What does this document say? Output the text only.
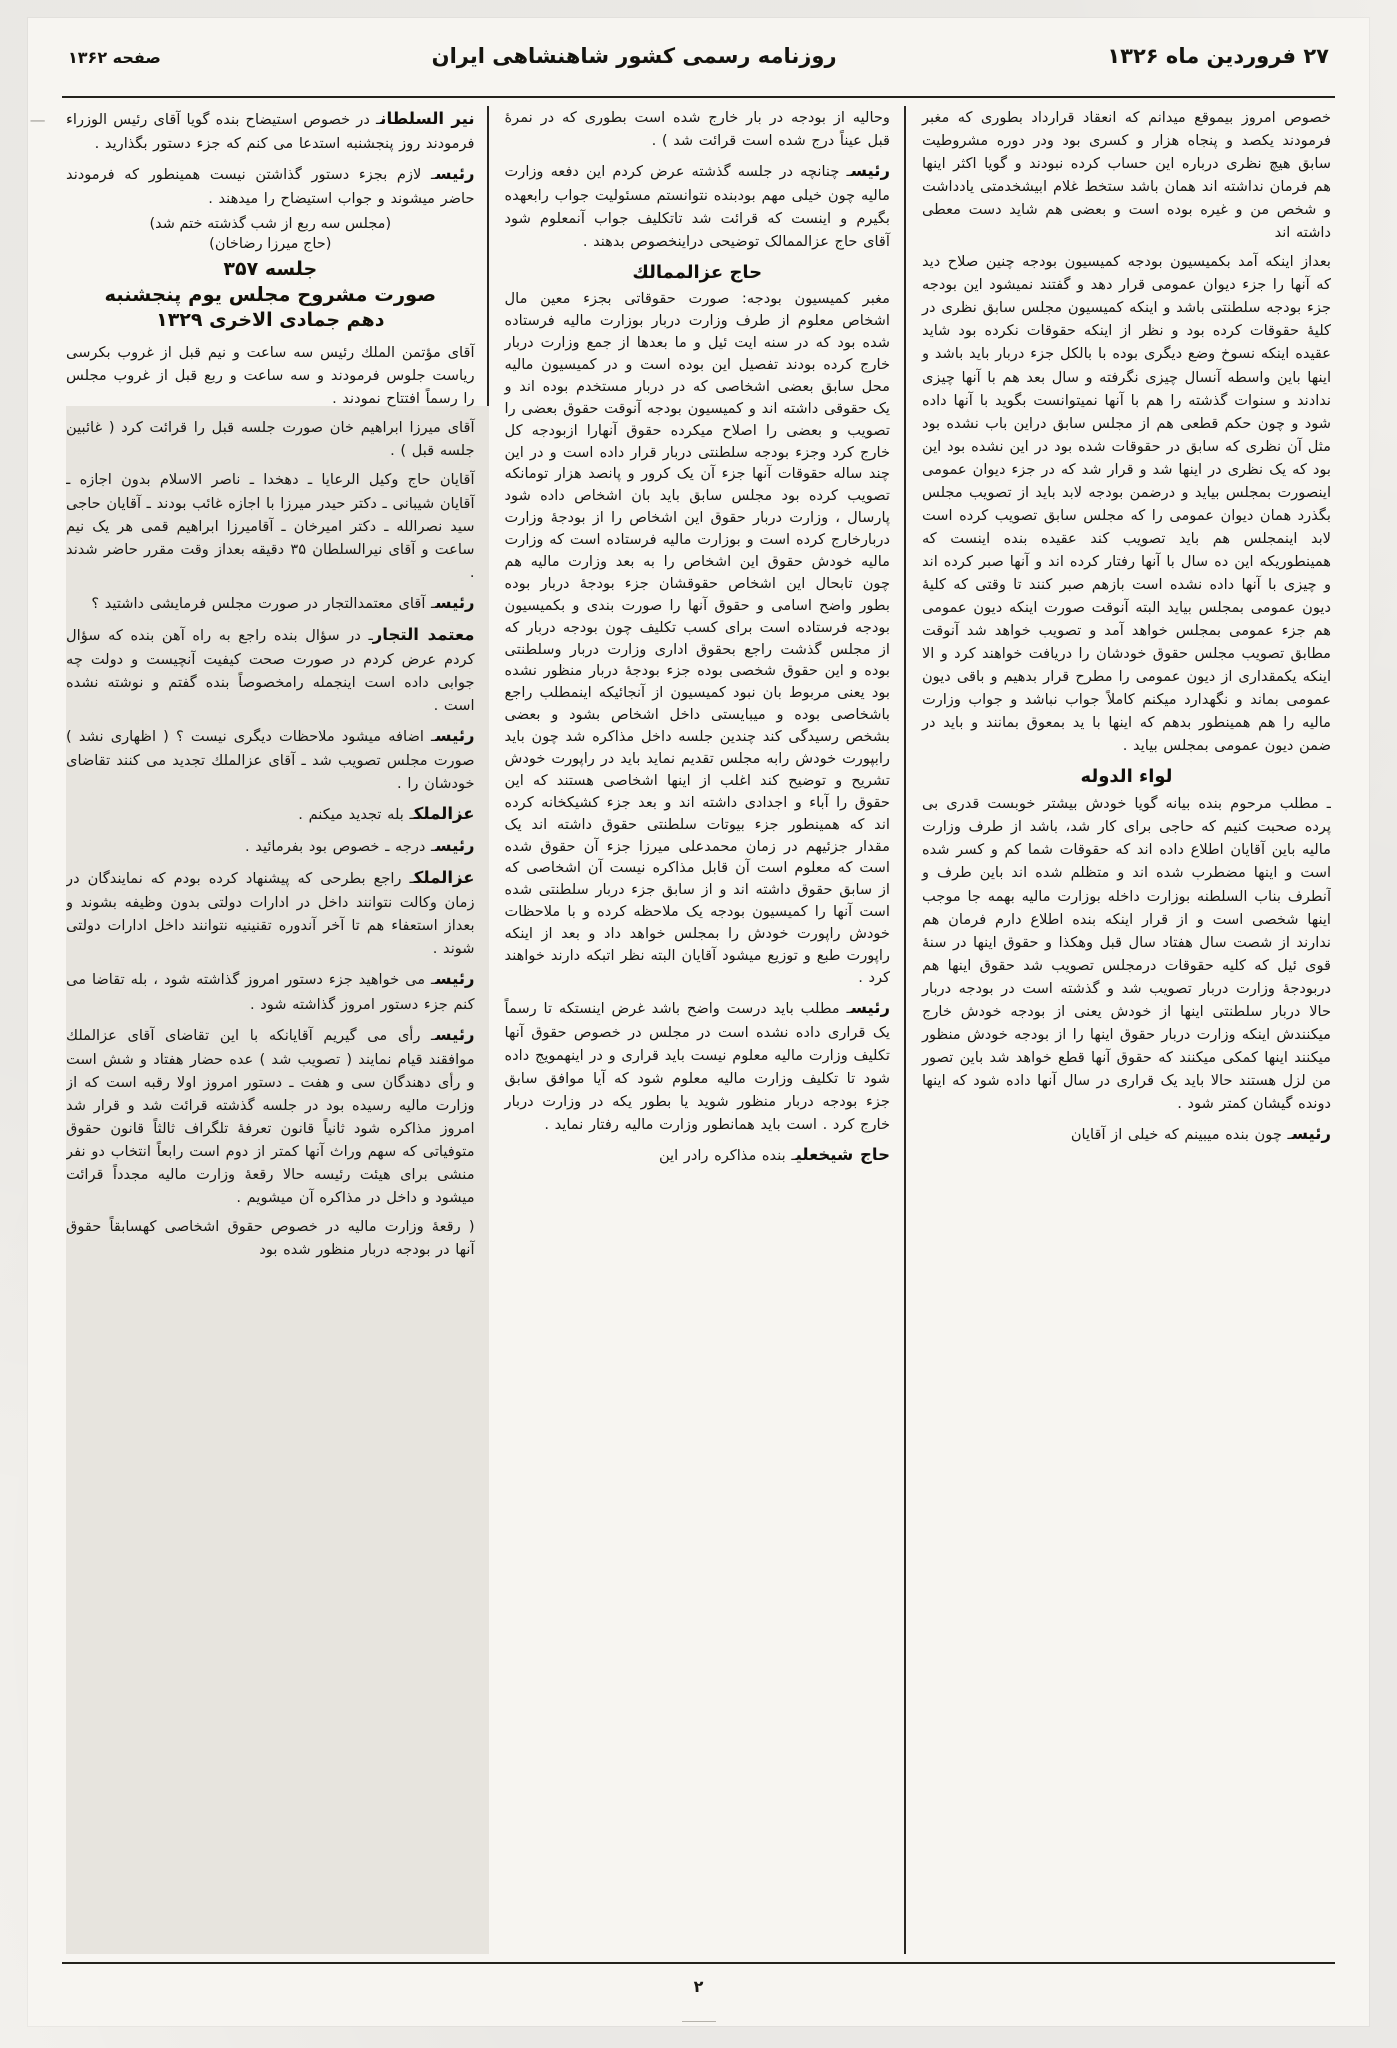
۲۷ فروردین ماه ۱۳۲۶
روزنامه رسمی کشور شاهنشاهی ایران
صفحه ۱۳۶۲
│	خصوص امروز بیموقع میدانم که انعقاد قرارداد بطوری که مغبر فرمودند یکصد و پنجاه هزار و کسری بود ودر دوره مشروطیت سابق هیچ نظری درباره این حساب کرده نبودند و گویا اکثر اینها هم فرمان نداشته اند همان باشد ستخط غلام ابیشخدمتی یادداشت و شخص من و غیره بوده است و بعضی هم شاید دست معطی داشته اند

بعداز اینکه آمد بکمیسیون بودجه کمیسیون بودجه چنین صلاح دید که آنها را جزء دیوان عمومی قرار دهد و گفتند نمیشود این بودجه جزء بودجه سلطنتی باشد و اینکه کمیسیون مجلس سابق نظری در کلیهٔ حقوقات کرده بود و نظر از اینکه حقوقات نکرده بود شاید عقیده اینکه نسوخ وضع دیگری بوده با بالکل جزء دربار باید باشد و اینها باین واسطه آنسال چیزی نگرفته و سال بعد هم با آنها چیزی ندادند و سنوات گذشته را هم با آنها نمیتوانست بگوید با آنها داده شود و چون حکم قطعی هم از مجلس سابق دراین باب نشده بود مثل آن نظری که سابق در حقوقات شده بود در این نشده بود این بود که یک نظری در اینها شد و قرار شد که در جزء دیوان عمومی اینصورت بمجلس بیاید و درضمن بودجه لابد باید از تصویب مجلس بگذرد همان دیوان عمومی را که مجلس سابق تصویب کرده است لابد اینمجلس هم باید تصویب کند عقیده بنده اینست که همینطوریکه این ده سال با آنها رفتار کرده اند و آنها صبر کرده اند و چیزی با آنها داده نشده است بازهم صبر کنند تا وقتی که کلیهٔ دیون عمومی بمجلس بیاید البته آنوقت صورت اینکه دیون عمومی هم جزء عمومی بمجلس خواهد آمد و تصویب خواهد شد آنوقت مطابق تصویب مجلس حقوق خودشان را دریافت خواهند کرد و الا اینکه یکمقداری از دیون عمومی را مطرح قرار بدهیم و باقی دیون عمومی بماند و نگهدارد میکنم کاملاً جواب نباشد و جواب وزارت مالیه را هم همینطور بدهم که اینها با ید بمعوق بمانند و باید در ضمن دیون عمومی بمجلس بیاید .

لواء الدوله

ـ مطلب مرحوم بنده بیانه گویا خودش بیشتر خوبست قدری بی پرده صحبت کنیم که حاجی برای کار شد، باشد از طرف وزارت مالیه باین آقایان اطلاع داده اند که حقوقات شما کم و کسر شده است و اینها مضطرب شده اند و متظلم شده اند باین طرف و آنطرف بناب السلطنه بوزارت داخله بوزارت مالیه بهمه جا موجب اینها شخصی است و از قرار اینکه بنده اطلاع دارم فرمان هم ندارند از شصت سال هفتاد سال قبل وهکذا و حقوق اینها در سنهٔ قوی ئیل که کلیه حقوقات درمجلس تصویب شد حقوق اینها هم دربودجهٔ وزارت دربار تصویب شد و گذشته است در بودجه دربار حالا دربار سلطنتی اینها از خودش یعنی از بودجه خودش خارج میکنندش اینکه وزارت دربار حقوق اینها را از بودجه خودش منظور میکنند اینها کمکی میکنند که حقوق آنها قطع خواهد شد باین تصور من لزل هستند حالا باید یک قراری در سال آنها داده شود که اینها دونده گیشان کمتر شود .

رئیسـ چون بنده میبینم که خیلی از آقایان

وحالیه از بودجه در بار خارج شده است بطوری که در نمرهٔ قبل عیناً درج شده است قرائت شد ) .

رئیسـ چنانچه در جلسه گذشته عرض کردم این دفعه وزارت مالیه چون خیلی مهم بودبنده نتوانستم مسئولیت جواب رابعهده بگیرم و اینست که قرائت شد تاتکلیف جواب آنمعلوم شود آقای حاج عزالممالک توضیحی دراینخصوص بدهند .

حاج عزالممالك

مغبر کمیسیون بودجه: صورت حقوقاتی بجزء معین مال اشخاص معلوم از طرف وزارت دربار بوزارت مالیه فرستاده شده بود که در سنه ایت ئیل و ما بعدها از جمع وزارت دربار خارج کرده بودند تفصیل این بوده است و در کمیسیون مالیه محل سابق بعضی اشخاصی که در دربار مستخدم بوده اند و یک حقوقی داشته اند و کمیسیون بودجه آنوقت حقوق بعضی را تصویب و بعضی را اصلاح میکرده حقوق آنهارا ازبودجه کل خارج کرد وجزء بودجه سلطنتی دربار قرار داده است و در این چند ساله حقوقات آنها جزء آن یک کرور و پانصد هزار تومانکه تصویب کرده بود مجلس سابق باید بان اشخاص داده شود پارسال ، وزارت دربار حقوق این اشخاص را از بودجهٔ وزارت دربارخارج کرده است و بوزارت مالیه فرستاده است که وزارت مالیه خودش حقوق این اشخاص را به بعد وزارت مالیه هم چون تابحال این اشخاص حقوقشان جزء بودجهٔ دربار بوده بطور واضح اسامی و حقوق آنها را صورت بندی و بکمیسیون بودجه فرستاده است برای کسب تکلیف چون بودجه دربار که از مجلس گذشت راجع بحقوق اداری وزارت دربار وسلطنتی بوده و این حقوق شخصی بوده جزء بودجهٔ دربار منظور نشده بود یعنی مربوط بان نبود کمیسیون از آنجائیکه اینمطلب راجع باشخاصی بوده و میبایستی داخل اشخاص بشود و بعضی بشخص رسیدگی کند چندین جلسه داخل مذاکره شد چون باید رابپورت خودش رابه مجلس تقدیم نماید باید در راپورت خودش تشریح و توضیح کند اغلب از اینها اشخاصی هستند که این حقوق را آباء و اجدادی داشته اند و بعد جزء کشیکخانه کرده اند که همینطور جزء بیوتات سلطنتی حقوق داشته اند یک مقدار جزئیهم در زمان محمدعلی میرزا جزء آن حقوق شده است که معلوم است آن قابل مذاکره نیست آن اشخاصی که از سابق حقوق داشته اند و از سابق جزء دربار سلطنتی شده است آنها را کمیسیون بودجه یک ملاحظه کرده و با ملاحظات خودش راپورت خودش را بمجلس خواهد داد و بعد از اینکه راپورت طبع و توزیع میشود آقایان البته نظر اتبکه دارند خواهند کرد .

رئیسـ مطلب باید درست واضح باشد غرض اینستکه تا رسماً یک قراری داده نشده است در مجلس در خصوص حقوق آنها تکلیف وزارت مالیه معلوم نیست باید قراری و در اینهمویج داده شود تا تکلیف وزارت مالیه معلوم شود که آیا موافق سابق جزء بودجه دربار منظور شوید یا بطور یکه در وزارت دربار خارج کرد . است باید همانطور وزارت مالیه رفتار نماید .

حاج شیخعلیـ بنده مذاکره رادر این

نیر السلطانـ در خصوص استیضاح بنده گویا آقای رئیس الوزراء فرمودند روز پنجشنبه استدعا می کنم که جزء دستور بگذارید .

رئیسـ لازم بجزء دستور گذاشتن نیست همینطور که فرمودند حاضر میشوند و جواب استیضاح را میدهند .

(مجلس سه ربع از شب گذشته ختم شد)
(حاج میرزا رضاخان)
جلسه ۳۵۷
صورت مشروح مجلس یوم پنجشنبه
دهم جمادی الاخری ۱۳۲۹

آقای مؤتمن الملك رئیس سه ساعت و نیم قبل از غروب بکرسی ریاست جلوس فرمودند و سه ساعت و ربع قبل از غروب مجلس را رسماً افتتاح نمودند .

آقای میرزا ابراهیم خان صورت جلسه قبل را قرائت کرد ( غائبین جلسه قبل ) .

آقایان حاج وکیل الرعایا ـ دهخدا ـ ناصر الاسلام بدون اجازه ـ آقایان شیبانی ـ دکتر حیدر میرزا با اجازه غائب بودند ـ آقایان حاجی سید نصرالله ـ دکتر امیرخان ـ آقامیرزا ابراهیم قمی هر یک نیم ساعت و آقای نیرالسلطان ۳۵ دقیقه بعداز وقت مقرر حاضر شدند .

رئیسـ آقای معتمدالتجار در صورت مجلس فرمایشی داشتید ؟

معتمد التجارـ در سؤال بنده راجع به راه آهن بنده که سؤال کردم عرض کردم در صورت صحت کیفیت آنچیست و دولت چه جوابی داده است اینجمله رامخصوصاً بنده گفتم و نوشته نشده است .

رئیسـ اضافه میشود ملاحظات دیگری نیست ؟ ( اظهاری نشد ) صورت مجلس تصویب شد ـ آقای عزالملك تجدید می کنند تقاضای خودشان را .

عزالملكـ بله تجدید میکنم .

رئیسـ درجه ـ خصوص بود بفرمائید .

عزالملكـ راجع بطرحی که پیشنهاد کرده بودم که نمایندگان در زمان وکالت نتوانند داخل در ادارات دولتی بدون وظیفه بشوند و بعداز استعفاء هم تا آخر آندوره تقنینیه نتوانند داخل ادارات دولتی شوند .

رئیسـ می خواهید جزء دستور امروز گذاشته شود ، بله تقاضا می کنم جزء دستور امروز گذاشته شود .

رئیسـ رأی می گیریم آقایانکه با این تقاضای آقای عزالملك موافقند قیام نمایند ( تصویب شد ) عده حضار هفتاد و شش است و رأی دهندگان سی و هفت ـ دستور امروز اولا رقبه است که از وزارت مالیه رسیده بود در جلسه گذشته قرائت شد و قرار شد امروز مذاکره شود ثانیاً قانون تعرفهٔ تلگراف ثالثاً قانون حقوق متوفیاتی که سهم وراث آنها کمتر از دوم است رابعاً انتخاب دو نفر منشی برای هیئت رئیسه حالا رقعهٔ وزارت مالیه مجدداً قرائت میشود و داخل در مذاکره آن میشویم .

( رقعهٔ وزارت مالیه در خصوص حقوق اشخاصی کهسابقاً حقوق آنها در بودجه دربار منظور شده بود

۲
